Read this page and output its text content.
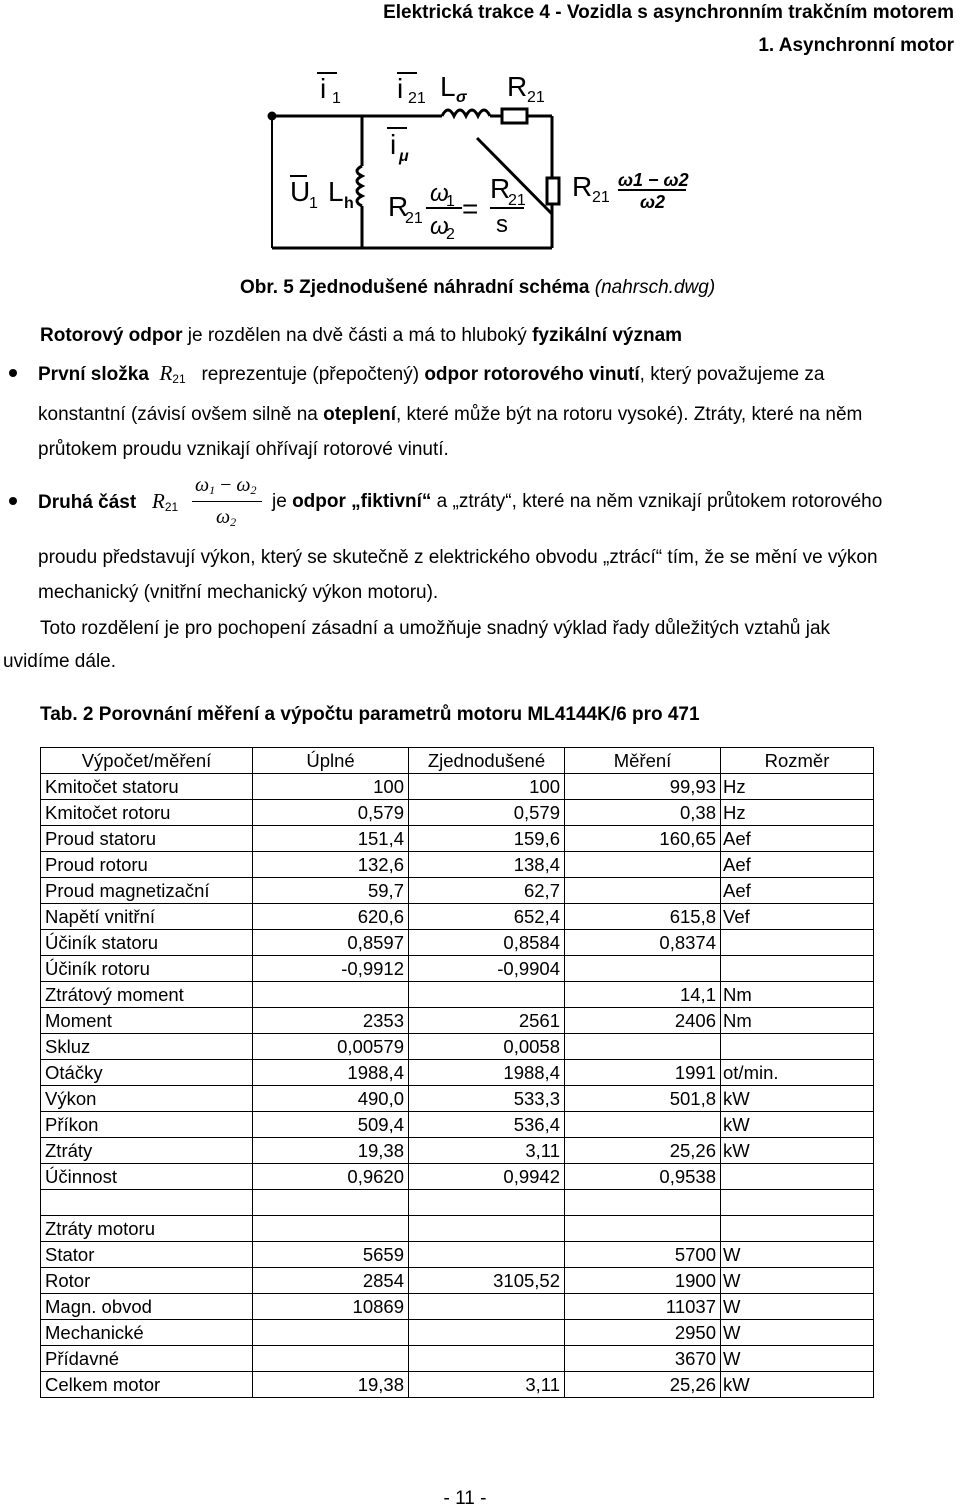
Elektrická trakce 4 - Vozidla s asynchronním trakčním motorem
1. Asynchronní motor
i 1 i 21 L σ R 21
i μ
U
1 L h R
21
ω
1
ω
2
=
R
21
s
R 21
ω1 − ω2
ω2
Obr. 5 Zjednodušené náhradní schéma (nahrsch.dwg)
Rotorový odpor je rozdělen na dvě části a má to hluboký fyzikální význam
První složka $R_{21}$   reprezentuje (přepočtený) odpor rotorového vinutí, který považujeme za
konstantní (závisí ovšem silně na oteplení, které může být na rotoru vysoké). Ztráty, které na něm
průtokem proudu vznikají ohřívají rotorové vinutí.
Druhá část $R_{21}$
$\omega_1 - \omega_2$
$\omega_2$
je odpor „fiktivní“ a „ztráty“, které na něm vznikají průtokem rotorového
proudu představují výkon, který se skutečně z elektrického obvodu „ztrácí“ tím, že se mění ve výkon
mechanický (vnitřní mechanický výkon motoru).
Toto rozdělení je pro pochopení zásadní a umožňuje snadný výklad řady důležitých vztahů jak
uvidíme dále.
Tab. 2 Porovnání měření a výpočtu parametrů motoru ML4144K/6 pro 471
Výpočet/měření	Úplné	Zjednodušené	Měření	Rozměr
Kmitočet statoru	100	100	99,93	Hz
Kmitočet rotoru	0,579	0,579	0,38	Hz
Proud statoru	151,4	159,6	160,65	Aef
Proud rotoru	132,6	138,4		Aef
Proud magnetizační	59,7	62,7		Aef
Napětí vnitřní	620,6	652,4	615,8	Vef
Účiník statoru	0,8597	0,8584	0,8374	
Účiník rotoru	-0,9912	-0,9904		
Ztrátový moment			14,1	Nm
Moment	2353	2561	2406	Nm
Skluz	0,00579	0,0058		
Otáčky	1988,4	1988,4	1991	ot/min.
Výkon	490,0	533,3	501,8	kW
Příkon	509,4	536,4		kW
Ztráty	19,38	3,11	25,26	kW
Účinnost	0,9620	0,9942	0,9538	

Ztráty motoru				
Stator	5659		5700	W
Rotor	2854	3105,52	1900	W
Magn. obvod	10869		11037	W
Mechanické			2950	W
Přídavné			3670	W
Celkem motor	19,38	3,11	25,26	kW
- 11 -
